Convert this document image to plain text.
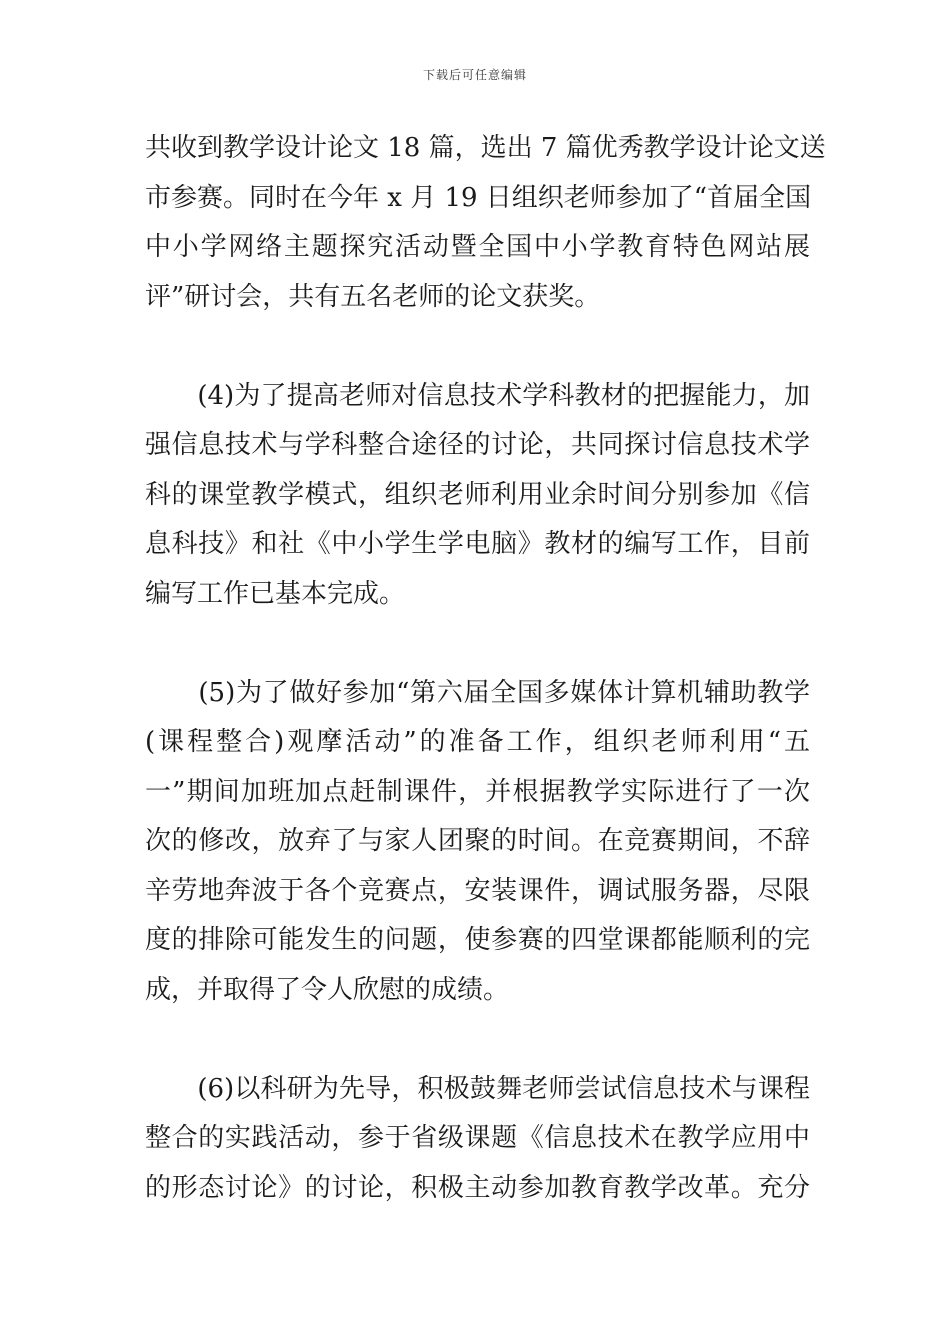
下载后可任意编辑
共收到教学设计论文 18 篇，选出 7 篇优秀教学设计论文送
市参赛。同时在今年 x 月 19 日组织老师参加了“首届全国
中小学网络主题探究活动暨全国中小学教育特色网站展
评”研讨会，共有五名老师的论文获奖。
　　(4)为了提高老师对信息技术学科教材的把握能力，加
强信息技术与学科整合途径的讨论，共同探讨信息技术学
科的课堂教学模式，组织老师利用业余时间分别参加《信
息科技》和社《中小学生学电脑》教材的编写工作，目前
编写工作已基本完成。
　　(5)为了做好参加“第六届全国多媒体计算机辅助教学
(课程整合)观摩活动”的准备工作，组织老师利用“五
一”期间加班加点赶制课件，并根据教学实际进行了一次
次的修改，放弃了与家人团聚的时间。在竞赛期间，不辞
辛劳地奔波于各个竞赛点，安装课件，调试服务器，尽限
度的排除可能发生的问题，使参赛的四堂课都能顺利的完
成，并取得了令人欣慰的成绩。
　　(6)以科研为先导，积极鼓舞老师尝试信息技术与课程
整合的实践活动，参于省级课题《信息技术在教学应用中
的形态讨论》的讨论，积极主动参加教育教学改革。充分
